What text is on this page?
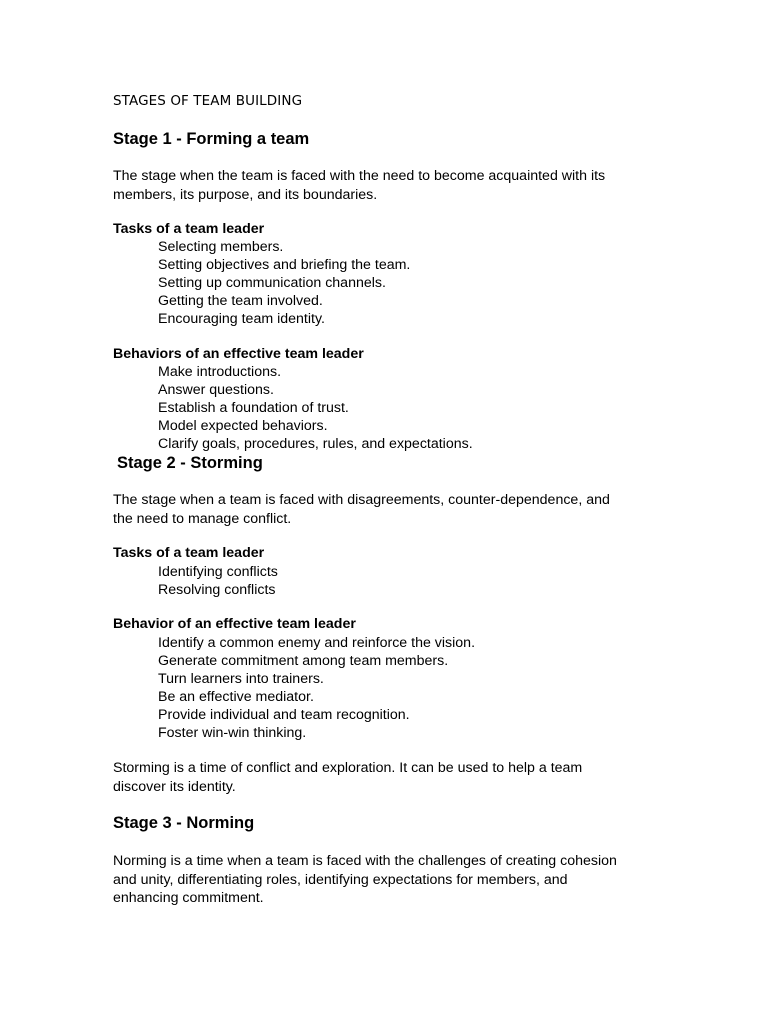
STAGES OF TEAM BUILDING
Stage 1 - Forming a team
The stage when the team is faced with the need to become acquainted with its
members, its purpose, and its boundaries.
Tasks of a team leader
Selecting members.
Setting objectives and briefing the team.
Setting up communication channels.
Getting the team involved.
Encouraging team identity.
Behaviors of an effective team leader
Make introductions.
Answer questions.
Establish a foundation of trust.
Model expected behaviors.
Clarify goals, procedures, rules, and expectations.
Stage 2 - Storming
The stage when a team is faced with disagreements, counter-dependence, and
the need to manage conflict.
Tasks of a team leader
Identifying conflicts
Resolving conflicts
Behavior of an effective team leader
Identify a common enemy and reinforce the vision.
Generate commitment among team members.
Turn learners into trainers.
Be an effective mediator.
Provide individual and team recognition.
Foster win-win thinking.
Storming is a time of conflict and exploration. It can be used to help a team
discover its identity.
Stage 3 - Norming
Norming is a time when a team is faced with the challenges of creating cohesion
and unity, differentiating roles, identifying expectations for members, and
enhancing commitment.
